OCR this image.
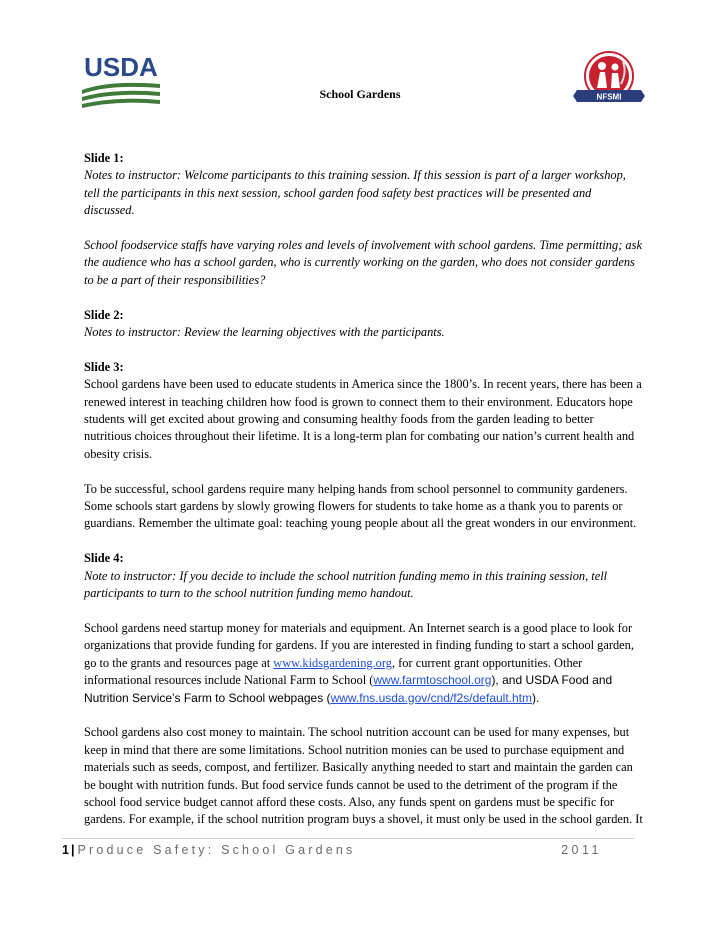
USDA
School Gardens	NFSMI

Slide 1:

Notes to instructor: Welcome participants to this training session. If this session is part of a larger workshop, tell the participants in this next session, school garden food safety best practices will be presented and discussed.

School foodservice staffs have varying roles and levels of involvement with school gardens. Time permitting; ask the audience who has a school garden, who is currently working on the garden, who does not consider gardens to be a part of their responsibilities?

Slide 2:

Notes to instructor: Review the learning objectives with the participants.

Slide 3:

School gardens have been used to educate students in America since the 1800’s. In recent years, there has been a renewed interest in teaching children how food is grown to connect them to their environment. Educators hope students will get excited about growing and consuming healthy foods from the garden leading to better nutritious choices throughout their lifetime. It is a long-term plan for combating our nation’s current health and obesity crisis.

To be successful, school gardens require many helping hands from school personnel to community gardeners. Some schools start gardens by slowly growing flowers for students to take home as a thank you to parents or guardians. Remember the ultimate goal: teaching young people about all the great wonders in our environment.

Slide 4:

Note to instructor: If you decide to include the school nutrition funding memo in this training session, tell participants to turn to the school nutrition funding memo handout.

School gardens need startup money for materials and equipment. An Internet search is a good place to look for organizations that provide funding for gardens. If you are interested in finding funding to start a school garden, go to the grants and resources page at www.kidsgardening.org, for current grant opportunities. Other informational resources include National Farm to School (www.farmtoschool.org), and USDA Food and Nutrition Service’s Farm to School webpages (www.fns.usda.gov/cnd/f2s/default.htm).

School gardens also cost money to maintain. The school nutrition account can be used for many expenses, but keep in mind that there are some limitations. School nutrition monies can be used to purchase equipment and materials such as seeds, compost, and fertilizer. Basically anything needed to start and maintain the garden can be bought with nutrition funds. But food service funds cannot be used to the detriment of the program if the school food service budget cannot afford these costs. Also, any funds spent on gardens must be specific for gardens. For example, if the school nutrition program buys a shovel, it must only be used in the school garden. It

1 | Produce Safety: School Gardens	2011
